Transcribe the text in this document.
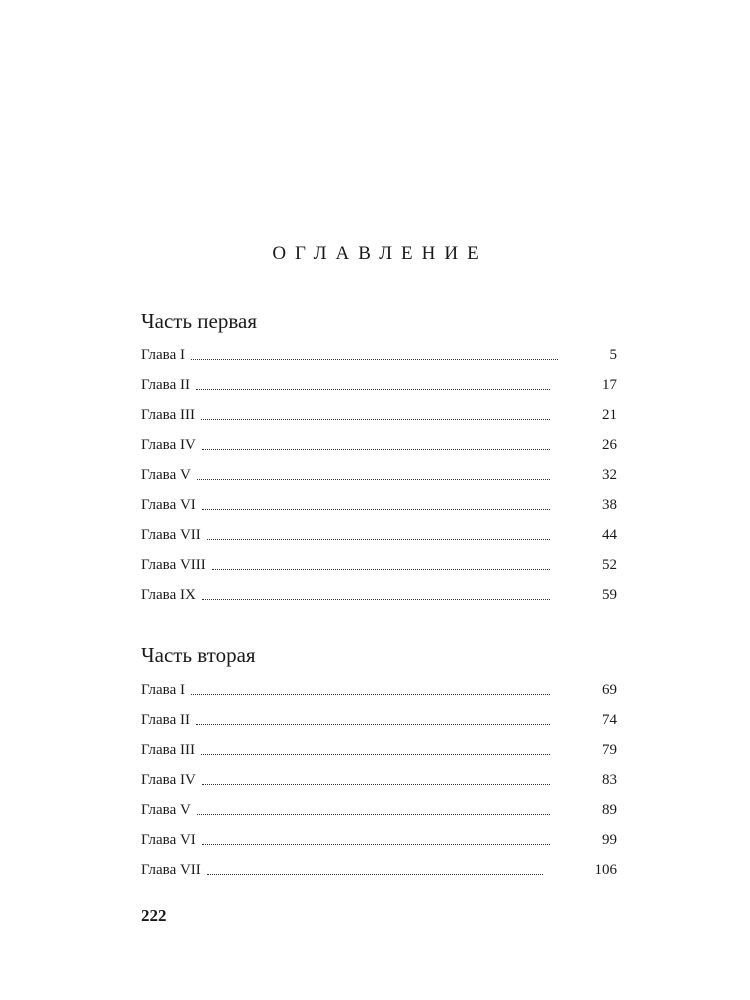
ОГЛАВЛЕНИЕ
Часть первая
Глава I	5
Глава II	17
Глава III	21
Глава IV	26
Глава V	32
Глава VI	38
Глава VII	44
Глава VIII	52
Глава IX	59
Часть вторая
Глава I	69
Глава II	74
Глава III	79
Глава IV	83
Глава V	89
Глава VI	99
Глава VII	106
222
